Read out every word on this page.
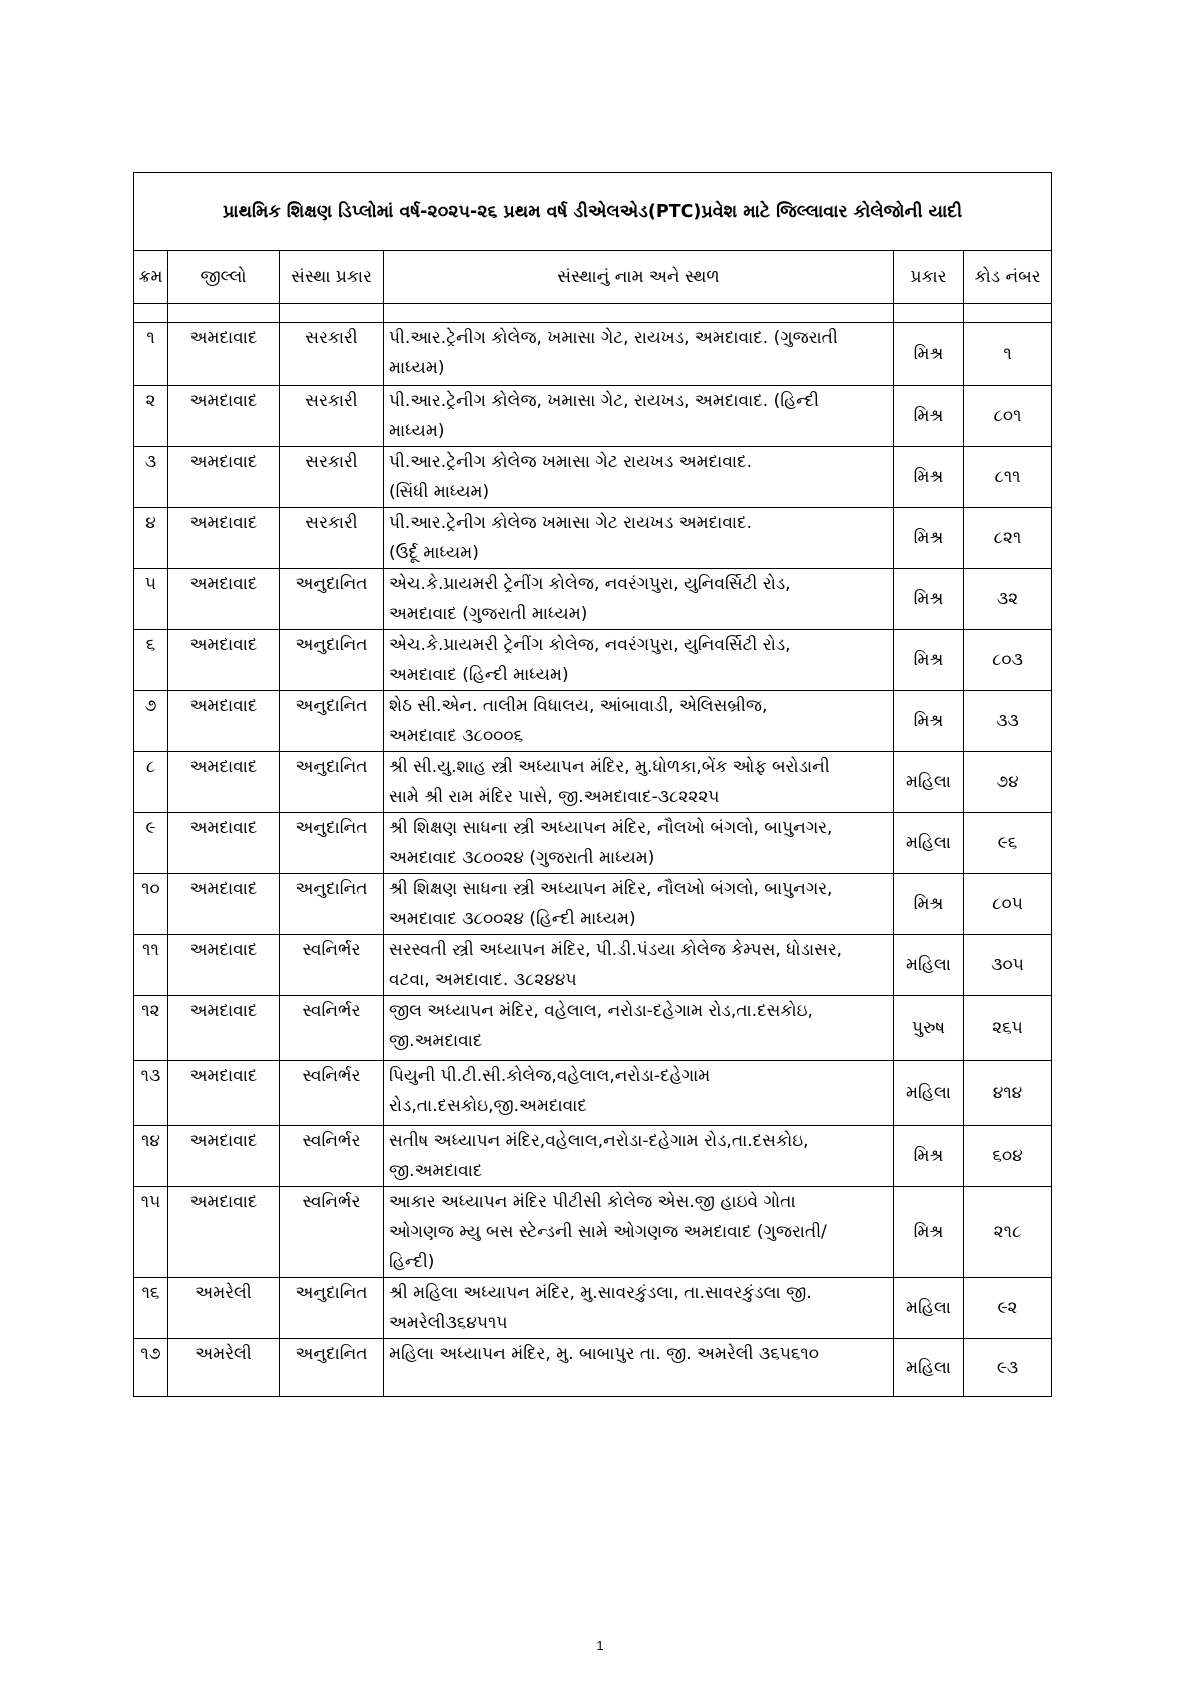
પ્રાથમિક શિક્ષણ ડિપ્લોમાં વર્ષ-૨૦૨૫-૨૬ પ્રથમ વર્ષ ડીએલએડ(PTC)પ્રવેશ માટે જિલ્લાવાર કોલેજોની યાદી					
ક્રમ	જીલ્લો	સંસ્થા પ્રકાર	સંસ્થાનું નામ અને સ્થળ	પ્રકાર	કોડ નંબર

૧	અમદાવાદ	સરકારી	પી.આર.ટ્રેનીગ કોલેજ, ખમાસા ગેટ, રાયખડ, અમદાવાદ. (ગુજરાતી
માધ્યમ)	મિશ્ર	૧
૨	અમદાવાદ	સરકારી	પી.આર.ટ્રેનીગ કોલેજ, ખમાસા ગેટ, રાયખડ, અમદાવાદ. (હિન્દી
માધ્યમ)	મિશ્ર	૮૦૧
૩	અમદાવાદ	સરકારી	પી.આર.ટ્રેનીગ કોલેજ ખમાસા ગેટ રાયખડ અમદાવાદ.
(સિંધી માધ્યમ)	મિશ્ર	૮૧૧
૪	અમદાવાદ	સરકારી	પી.આર.ટ્રેનીગ કોલેજ ખમાસા ગેટ રાયખડ અમદાવાદ.
(ઉર્દૂ માધ્યમ)	મિશ્ર	૮૨૧
૫	અમદાવાદ	અનુદાનિત	એચ.કે.પ્રાયમરી ટ્રેનીંગ કોલેજ, નવરંગપુરા, યુનિવર્સિટી રોડ,
અમદાવાદ (ગુજરાતી માધ્યમ)	મિશ્ર	૩૨
૬	અમદાવાદ	અનુદાનિત	એચ.કે.પ્રાયમરી ટ્રેનીંગ કોલેજ, નવરંગપુરા, યુનિવર્સિટી રોડ,
અમદાવાદ (હિન્દી માધ્યમ)	મિશ્ર	૮૦૩
૭	અમદાવાદ	અનુદાનિત	શેઠ સી.એન. તાલીમ વિધાલય, આંબાવાડી, એલિસબ્રીજ,
અમદાવાદ ૩૮૦૦૦૬	મિશ્ર	૩૩
૮	અમદાવાદ	અનુદાનિત	શ્રી સી.યુ.શાહ સ્ત્રી અધ્યાપન મંદિર, મુ.ધોળકા,બેંક ઓફ બરોડાની
સામે શ્રી રામ મંદિર પાસે, જી.અમદાવાદ-૩૮૨૨૨૫	મહિલા	૭૪
૯	અમદાવાદ	અનુદાનિત	શ્રી શિક્ષણ સાધના સ્ત્રી અધ્યાપન મંદિર, નૌલખો બંગલો, બાપુનગર,
અમદાવાદ ૩૮૦૦૨૪ (ગુજરાતી માધ્યમ)	મહિલા	૯૬
૧૦	અમદાવાદ	અનુદાનિત	શ્રી શિક્ષણ સાધના સ્ત્રી અધ્યાપન મંદિર, નૌલખો બંગલો, બાપુનગર,
અમદાવાદ ૩૮૦૦૨૪ (હિન્દી માધ્યમ)	મિશ્ર	૮૦૫
૧૧	અમદાવાદ	સ્વનિર્ભર	સરસ્વતી સ્ત્રી અધ્યાપન મંદિર, પી.ડી.પંડયા કોલેજ કેમ્પસ, ધોડાસર,
વટવા, અમદાવાદ. ૩૮૨૪૪૫	મહિલા	૩૦૫
૧૨	અમદાવાદ	સ્વનિર્ભર	જીલ અધ્યાપન મંદિર, વહેલાલ, નરોડા-દહેગામ રોડ,તા.દસકોઇ,
જી.અમદાવાદ	પુરુષ	૨૬૫
૧૩	અમદાવાદ	સ્વનિર્ભર	પિયુની પી.ટી.સી.કોલેજ,વહેલાલ,નરોડા-દહેગામ
રોડ,તા.દસકોઇ,જી.અમદાવાદ	મહિલા	૪૧૪
૧૪	અમદાવાદ	સ્વનિર્ભર	સતીષ અધ્યાપન મંદિર,વહેલાલ,નરોડા-દહેગામ રોડ,તા.દસકોઇ,
જી.અમદાવાદ	મિશ્ર	૬૦૪
૧૫	અમદાવાદ	સ્વનિર્ભર	આકાર અધ્યાપન મંદિર પીટીસી કોલેજ એસ.જી હાઇવે ગોતા
ઓગણજ મ્યુ બસ સ્ટેન્ડની સામે ઓગણજ અમદાવાદ (ગુજરાતી/
હિન્દી)	મિશ્ર	૨૧૮
૧૬	અમરેલી	અનુદાનિત	શ્રી મહિલા અધ્યાપન મંદિર, મુ.સાવરકુંડલા, તા.સાવરકુંડલા જી.
અમરેલી૩૬૪૫૧૫	મહિલા	૯૨
૧૭	અમરેલી	અનુદાનિત	મહિલા અધ્યાપન મંદિર, મુ. બાબાપુર તા. જી. અમરેલી ૩૬૫૬૧૦	મહિલા	૯૩
1
